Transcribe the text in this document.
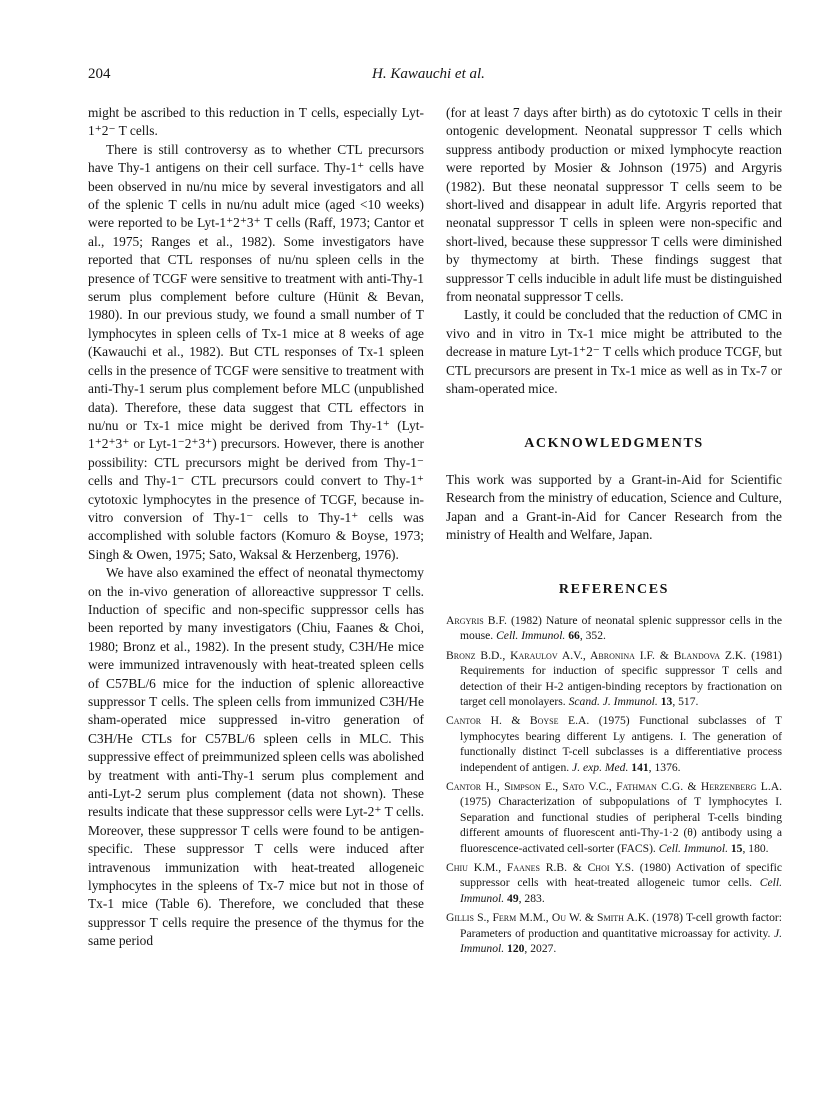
204	H. Kawauchi et al.

might be ascribed to this reduction in T cells, especially Lyt-1⁺2⁻ T cells.

There is still controversy as to whether CTL precursors have Thy-1 antigens on their cell surface. Thy-1⁺ cells have been observed in nu/nu mice by several investigators and all of the splenic T cells in nu/nu adult mice (aged <10 weeks) were reported to be Lyt-1⁺2⁺3⁺ T cells (Raff, 1973; Cantor et al., 1975; Ranges et al., 1982). Some investigators have reported that CTL responses of nu/nu spleen cells in the presence of TCGF were sensitive to treatment with anti-Thy-1 serum plus complement before culture (Hünit & Bevan, 1980). In our previous study, we found a small number of T lymphocytes in spleen cells of Tx-1 mice at 8 weeks of age (Kawauchi et al., 1982). But CTL responses of Tx-1 spleen cells in the presence of TCGF were sensitive to treatment with anti-Thy-1 serum plus complement before MLC (unpublished data). Therefore, these data suggest that CTL effectors in nu/nu or Tx-1 mice might be derived from Thy-1⁺ (Lyt-1⁺2⁺3⁺ or Lyt-1⁻2⁺3⁺) precursors. However, there is another possibility: CTL precursors might be derived from Thy-1⁻ cells and Thy-1⁻ CTL precursors could convert to Thy-1⁺ cytotoxic lymphocytes in the presence of TCGF, because in-vitro conversion of Thy-1⁻ cells to Thy-1⁺ cells was accomplished with soluble factors (Komuro & Boyse, 1973; Singh & Owen, 1975; Sato, Waksal & Herzenberg, 1976).

We have also examined the effect of neonatal thymectomy on the in-vivo generation of alloreactive suppressor T cells. Induction of specific and non-specific suppressor cells has been reported by many investigators (Chiu, Faanes & Choi, 1980; Bronz et al., 1982). In the present study, C3H/He mice were immunized intravenously with heat-treated spleen cells of C57BL/6 mice for the induction of splenic alloreactive suppressor T cells. The spleen cells from immunized C3H/He sham-operated mice suppressed in-vitro generation of C3H/He CTLs for C57BL/6 spleen cells in MLC. This suppressive effect of preimmunized spleen cells was abolished by treatment with anti-Thy-1 serum plus complement and anti-Lyt-2 serum plus complement (data not shown). These results indicate that these suppressor cells were Lyt-2⁺ T cells. Moreover, these suppressor T cells were found to be antigen-specific. These suppressor T cells were induced after intravenous immunization with heat-treated allogeneic lymphocytes in the spleens of Tx-7 mice but not in those of Tx-1 mice (Table 6). Therefore, we concluded that these suppressor T cells require the presence of the thymus for the same period

(for at least 7 days after birth) as do cytotoxic T cells in their ontogenic development. Neonatal suppressor T cells which suppress antibody production or mixed lymphocyte reaction were reported by Mosier & Johnson (1975) and Argyris (1982). But these neonatal suppressor T cells seem to be short-lived and disappear in adult life. Argyris reported that neonatal suppressor T cells in spleen were non-specific and short-lived, because these suppressor T cells were diminished by thymectomy at birth. These findings suggest that suppressor T cells inducible in adult life must be distinguished from neonatal suppressor T cells.

Lastly, it could be concluded that the reduction of CMC in vivo and in vitro in Tx-1 mice might be attributed to the decrease in mature Lyt-1⁺2⁻ T cells which produce TCGF, but CTL precursors are present in Tx-1 mice as well as in Tx-7 or sham-operated mice.

ACKNOWLEDGMENTS

This work was supported by a Grant-in-Aid for Scientific Research from the ministry of education, Science and Culture, Japan and a Grant-in-Aid for Cancer Research from the ministry of Health and Welfare, Japan.

REFERENCES

Argyris B.F. (1982) Nature of neonatal splenic suppressor cells in the mouse. Cell. Immunol. 66, 352.

Bronz B.D., Karaulov A.V., Abronina I.F. & Blandova Z.K. (1981) Requirements for induction of specific suppressor T cells and detection of their H-2 antigen-binding receptors by fractionation on target cell monolayers. Scand. J. Immunol. 13, 517.

Cantor H. & Boyse E.A. (1975) Functional subclasses of T lymphocytes bearing different Ly antigens. I. The generation of functionally distinct T-cell subclasses is a differentiative process independent of antigen. J. exp. Med. 141, 1376.

Cantor H., Simpson E., Sato V.C., Fathman C.G. & Herzenberg L.A. (1975) Characterization of subpopulations of T lymphocytes I. Separation and functional studies of peripheral T-cells binding different amounts of fluorescent anti-Thy-1·2 (θ) antibody using a fluorescence-activated cell-sorter (FACS). Cell. Immunol. 15, 180.

Chiu K.M., Faanes R.B. & Choi Y.S. (1980) Activation of specific suppressor cells with heat-treated allogeneic tumor cells. Cell. Immunol. 49, 283.

Gillis S., Ferm M.M., Ou W. & Smith A.K. (1978) T-cell growth factor: Parameters of production and quantitative microassay for activity. J. Immunol. 120, 2027.
